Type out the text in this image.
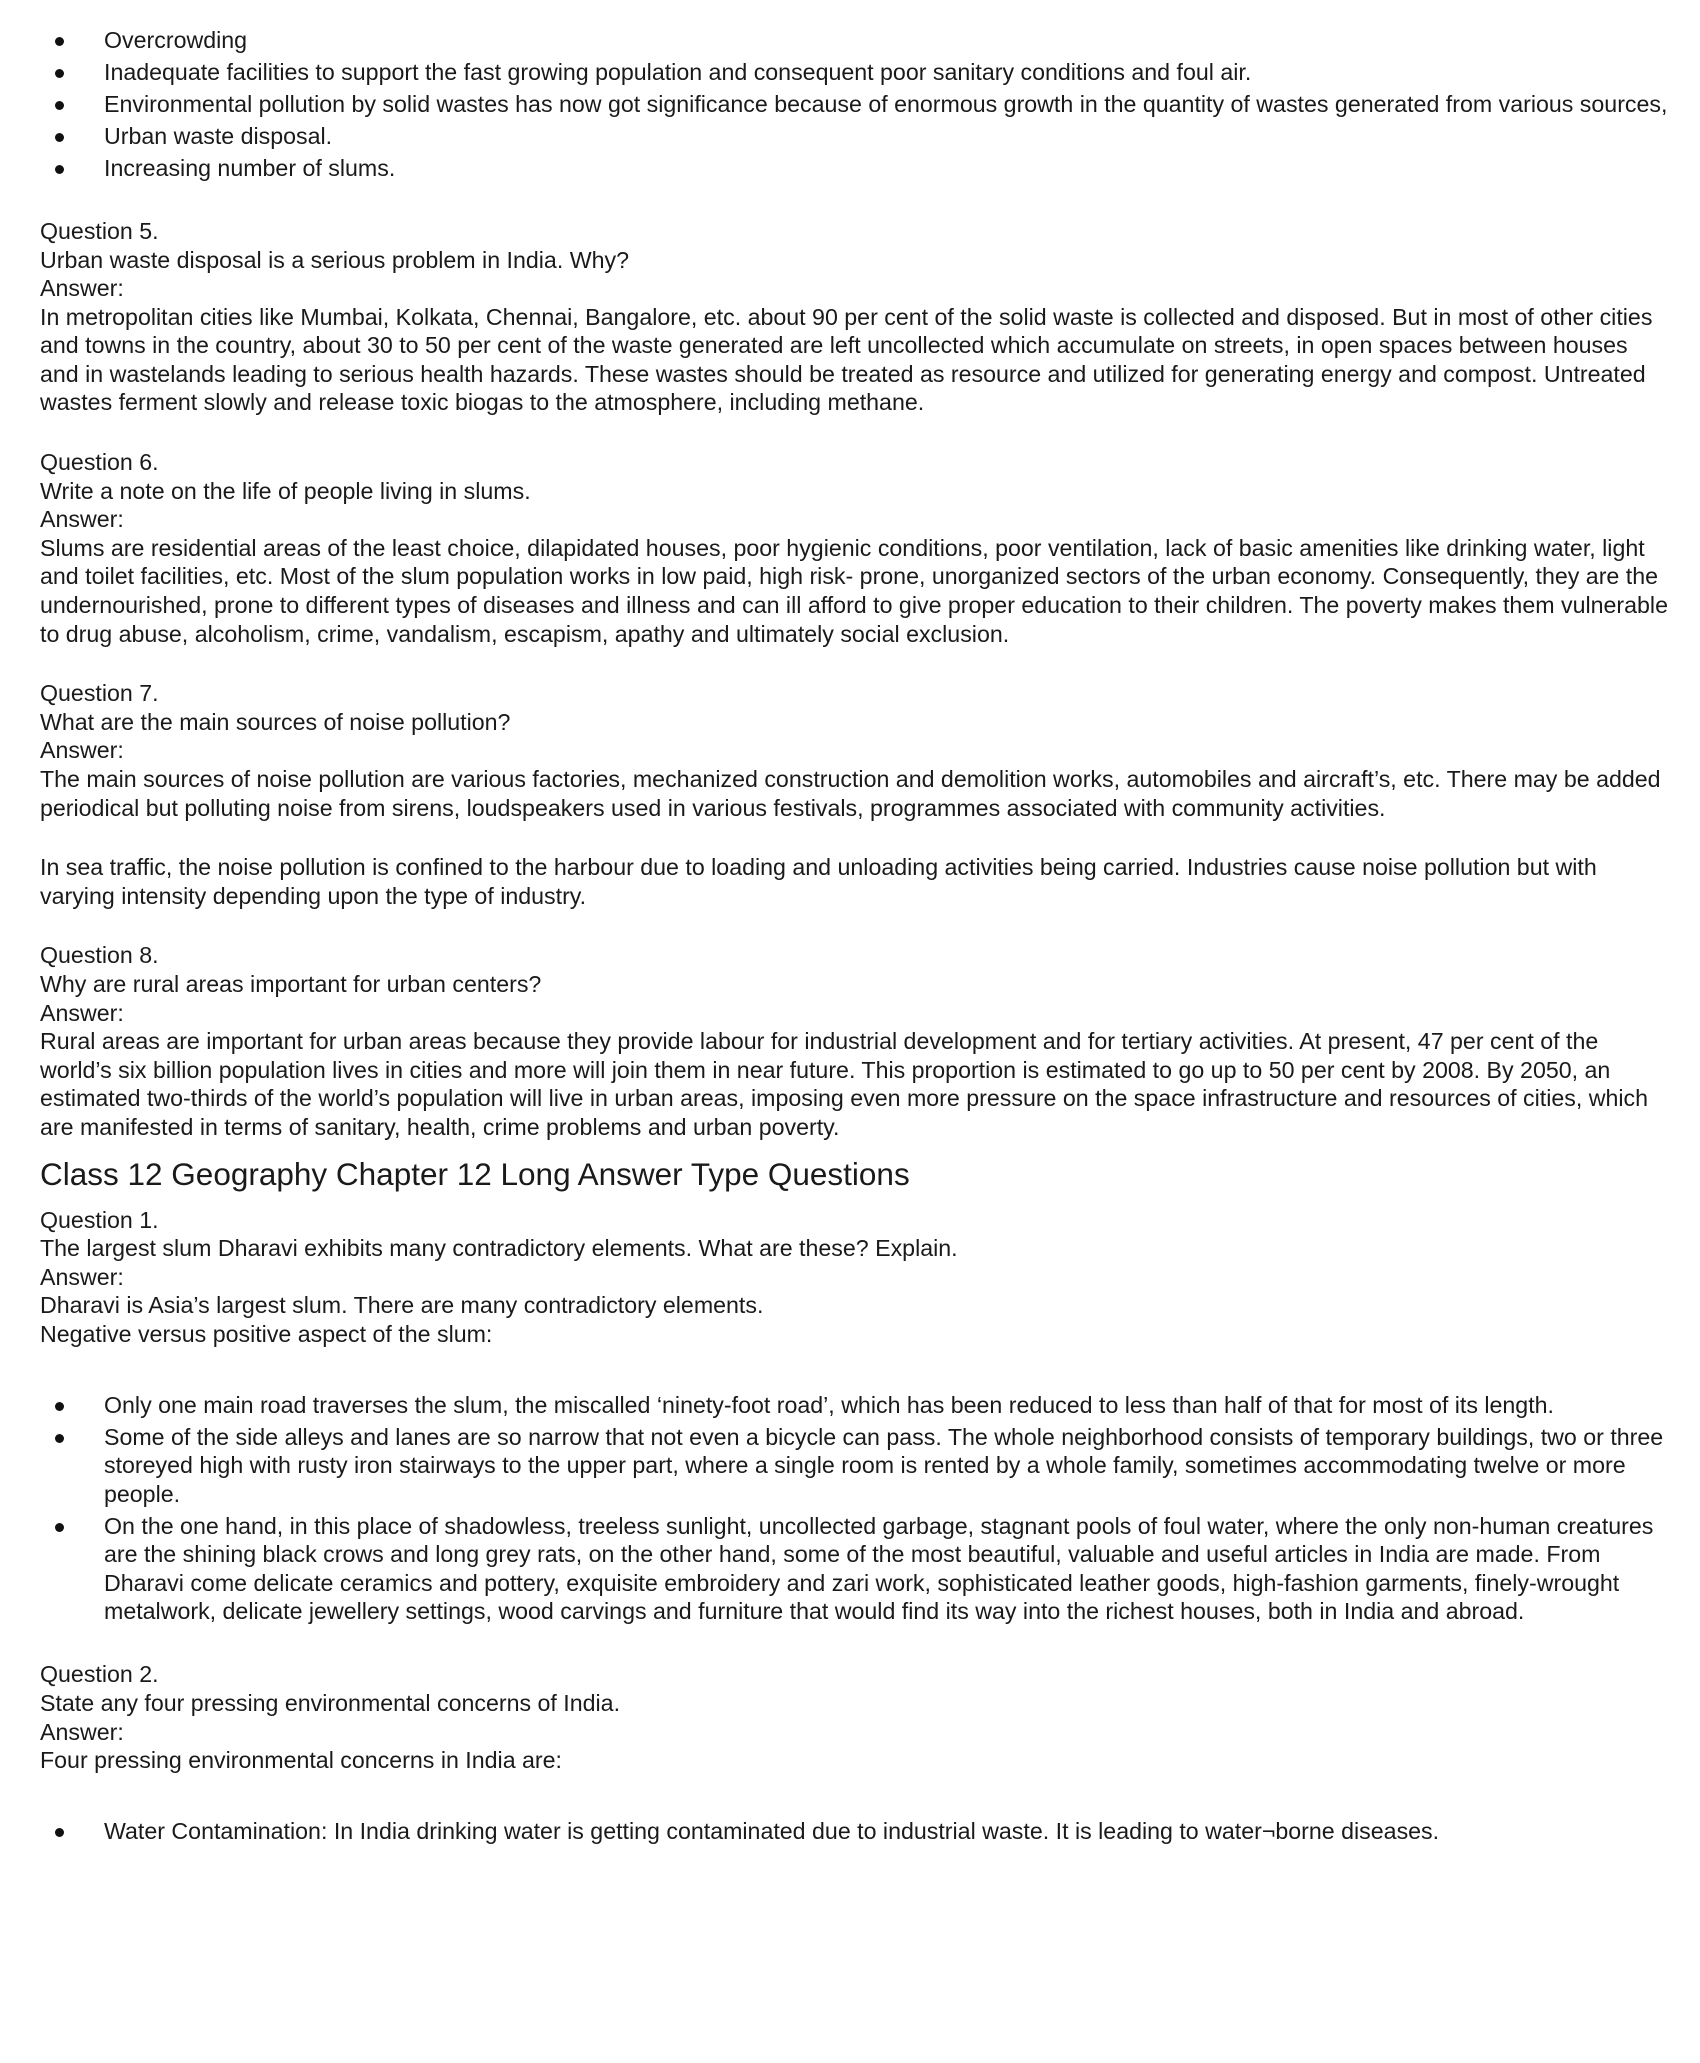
Overcrowding
Inadequate facilities to support the fast growing population and consequent poor sanitary conditions and foul air.
Environmental pollution by solid wastes has now got significance because of enormous growth in the quantity of wastes generated from various sources,
Urban waste disposal.
Increasing number of slums.

Question 5.

Urban waste disposal is a serious problem in India. Why?

Answer:

In metropolitan cities like Mumbai, Kolkata, Chennai, Bangalore, etc. about 90 per cent of the solid waste is collected and disposed. But in most of other cities and towns in the country, about 30 to 50 per cent of the waste generated are left uncollected which accumulate on streets, in open spaces between houses and in wastelands leading to serious health hazards. These wastes should be treated as resource and utilized for generating energy and compost. Untreated wastes ferment slowly and release toxic biogas to the atmosphere, including methane.

Question 6.

Write a note on the life of people living in slums.

Answer:

Slums are residential areas of the least choice, dilapidated houses, poor hygienic conditions, poor ventilation, lack of basic amenities like drinking water, light and toilet facilities, etc. Most of the slum population works in low paid, high risk- prone, unorganized sectors of the urban economy. Consequently, they are the undernourished, prone to different types of diseases and illness and can ill afford to give proper education to their children. The poverty makes them vulnerable to drug abuse, alcoholism, crime, vandalism, escapism, apathy and ultimately social exclusion.

Question 7.

What are the main sources of noise pollution?

Answer:

The main sources of noise pollution are various factories, mechanized construction and demolition works, automobiles and aircraft’s, etc. There may be added periodical but polluting noise from sirens, loudspeakers used in various festivals, programmes associated with community activities.

In sea traffic, the noise pollution is confined to the harbour due to loading and unloading activities being carried. Industries cause noise pollution but with varying intensity depending upon the type of industry.

Question 8.

Why are rural areas important for urban centers?

Answer:

Rural areas are important for urban areas because they provide labour for industrial development and for tertiary activities. At present, 47 per cent of the world’s six billion population lives in cities and more will join them in near future. This proportion is estimated to go up to 50 per cent by 2008. By 2050, an estimated two-thirds of the world’s population will live in urban areas, imposing even more pressure on the space infrastructure and resources of cities, which are manifested in terms of sanitary, health, crime problems and urban poverty.

Class 12 Geography Chapter 12 Long Answer Type Questions

Question 1.

The largest slum Dharavi exhibits many contradictory elements. What are these? Explain.

Answer:

Dharavi is Asia’s largest slum. There are many contradictory elements.

Negative versus positive aspect of the slum:

Only one main road traverses the slum, the miscalled ‘ninety-foot road’, which has been reduced to less than half of that for most of its length.
Some of the side alleys and lanes are so narrow that not even a bicycle can pass. The whole neighborhood consists of temporary buildings, two or three storeyed high with rusty iron stairways to the upper part, where a single room is rented by a whole family, sometimes accommodating twelve or more people.
On the one hand, in this place of shadowless, treeless sunlight, uncollected garbage, stagnant pools of foul water, where the only non-human creatures are the shining black crows and long grey rats, on the other hand, some of the most beautiful, valuable and useful articles in India are made. From Dharavi come delicate ceramics and pottery, exquisite embroidery and zari work, sophisticated leather goods, high-fashion garments, finely-wrought metalwork, delicate jewellery settings, wood carvings and furniture that would find its way into the richest houses, both in India and abroad.

Question 2.

State any four pressing environmental concerns of India.

Answer:

Four pressing environmental concerns in India are:

Water Contamination: In India drinking water is getting contaminated due to industrial waste. It is leading to water¬borne diseases.
